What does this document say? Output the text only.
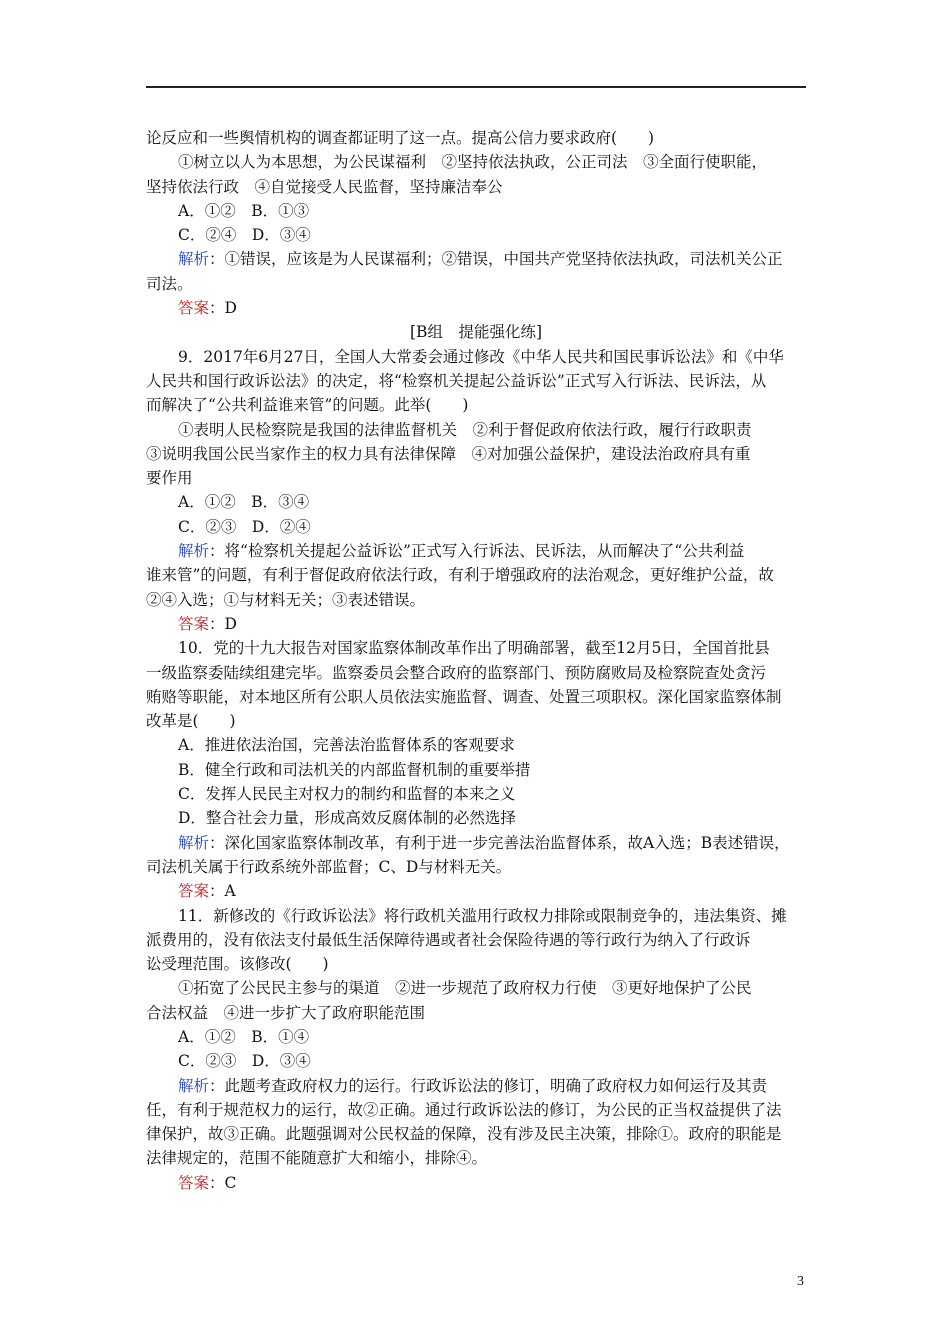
论反应和一些舆情机构的调查都证明了这一点。提高公信力要求政府(　　)
①树立以人为本思想，为公民谋福利　②坚持依法执政，公正司法　③全面行使职能，
坚持依法行政　④自觉接受人民监督，坚持廉洁奉公
A．①②　B．①③
C．②④　D．③④
解析：①错误，应该是为人民谋福利；②错误，中国共产党坚持依法执政，司法机关公正
司法。
答案：D
[B组　提能强化练]
9．2017年6月27日，全国人大常委会通过修改《中华人民共和国民事诉讼法》和《中华
人民共和国行政诉讼法》的决定，将“检察机关提起公益诉讼”正式写入行诉法、民诉法，从
而解决了“公共利益谁来管”的问题。此举(　　)
①表明人民检察院是我国的法律监督机关　②利于督促政府依法行政，履行行政职责
③说明我国公民当家作主的权力具有法律保障　④对加强公益保护，建设法治政府具有重
要作用
A．①②　B．③④
C．②③　D．②④
解析：将“检察机关提起公益诉讼”正式写入行诉法、民诉法，从而解决了“公共利益
谁来管”的问题，有利于督促政府依法行政，有利于增强政府的法治观念，更好维护公益，故
②④入选；①与材料无关；③表述错误。
答案：D
10．党的十九大报告对国家监察体制改革作出了明确部署，截至12月5日，全国首批县
一级监察委陆续组建完毕。监察委员会整合政府的监察部门、预防腐败局及检察院查处贪污
贿赂等职能，对本地区所有公职人员依法实施监督、调查、处置三项职权。深化国家监察体制
改革是(　　)
A．推进依法治国，完善法治监督体系的客观要求
B．健全行政和司法机关的内部监督机制的重要举措
C．发挥人民民主对权力的制约和监督的本来之义
D．整合社会力量，形成高效反腐体制的必然选择
解析：深化国家监察体制改革，有利于进一步完善法治监督体系，故A入选；B表述错误，
司法机关属于行政系统外部监督；C、D与材料无关。
答案：A
11．新修改的《行政诉讼法》将行政机关滥用行政权力排除或限制竞争的，违法集资、摊
派费用的，没有依法支付最低生活保障待遇或者社会保险待遇的等行政行为纳入了行政诉
讼受理范围。该修改(　　)
①拓宽了公民民主参与的渠道　②进一步规范了政府权力行使　③更好地保护了公民
合法权益　④进一步扩大了政府职能范围
A．①②　B．①④
C．②③　D．③④
解析：此题考查政府权力的运行。行政诉讼法的修订，明确了政府权力如何运行及其责
任，有利于规范权力的运行，故②正确。通过行政诉讼法的修订，为公民的正当权益提供了法
律保护，故③正确。此题强调对公民权益的保障，没有涉及民主决策，排除①。政府的职能是
法律规定的，范围不能随意扩大和缩小，排除④。
答案：C
3
